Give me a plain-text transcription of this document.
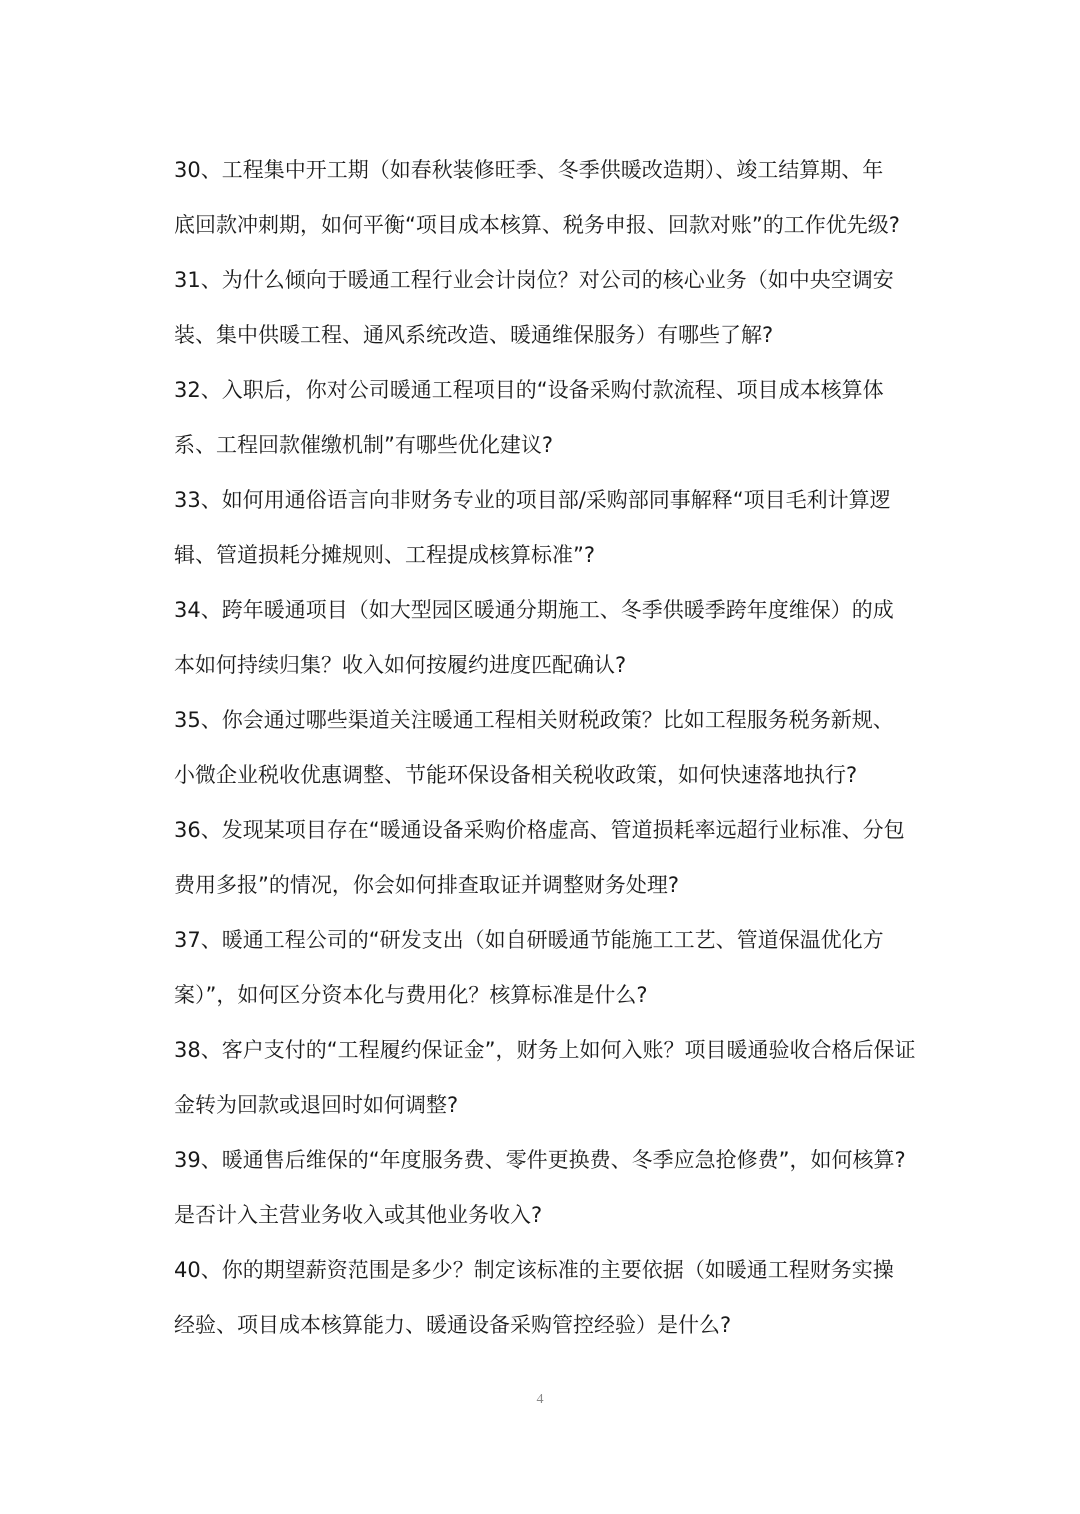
30、工程集中开工期（如春秋装修旺季、冬季供暖改造期）、竣工结算期、年
底回款冲刺期，如何平衡“项目成本核算、税务申报、回款对账”的工作优先级?
31、为什么倾向于暖通工程行业会计岗位？对公司的核心业务（如中央空调安
装、集中供暖工程、通风系统改造、暖通维保服务）有哪些了解?
32、入职后，你对公司暖通工程项目的“设备采购付款流程、项目成本核算体
系、工程回款催缴机制”有哪些优化建议?
33、如何用通俗语言向非财务专业的项目部/采购部同事解释“项目毛利计算逻
辑、管道损耗分摊规则、工程提成核算标准”?
34、跨年暖通项目（如大型园区暖通分期施工、冬季供暖季跨年度维保）的成
本如何持续归集？收入如何按履约进度匹配确认?
35、你会通过哪些渠道关注暖通工程相关财税政策？比如工程服务税务新规、
小微企业税收优惠调整、节能环保设备相关税收政策，如何快速落地执行?
36、发现某项目存在“暖通设备采购价格虚高、管道损耗率远超行业标准、分包
费用多报”的情况，你会如何排查取证并调整财务处理?
37、暖通工程公司的“研发支出（如自研暖通节能施工工艺、管道保温优化方
案）”，如何区分资本化与费用化？核算标准是什么?
38、客户支付的“工程履约保证金”，财务上如何入账？项目暖通验收合格后保证
金转为回款或退回时如何调整?
39、暖通售后维保的“年度服务费、零件更换费、冬季应急抢修费”，如何核算?
是否计入主营业务收入或其他业务收入?
40、你的期望薪资范围是多少？制定该标准的主要依据（如暖通工程财务实操
经验、项目成本核算能力、暖通设备采购管控经验）是什么?
4
